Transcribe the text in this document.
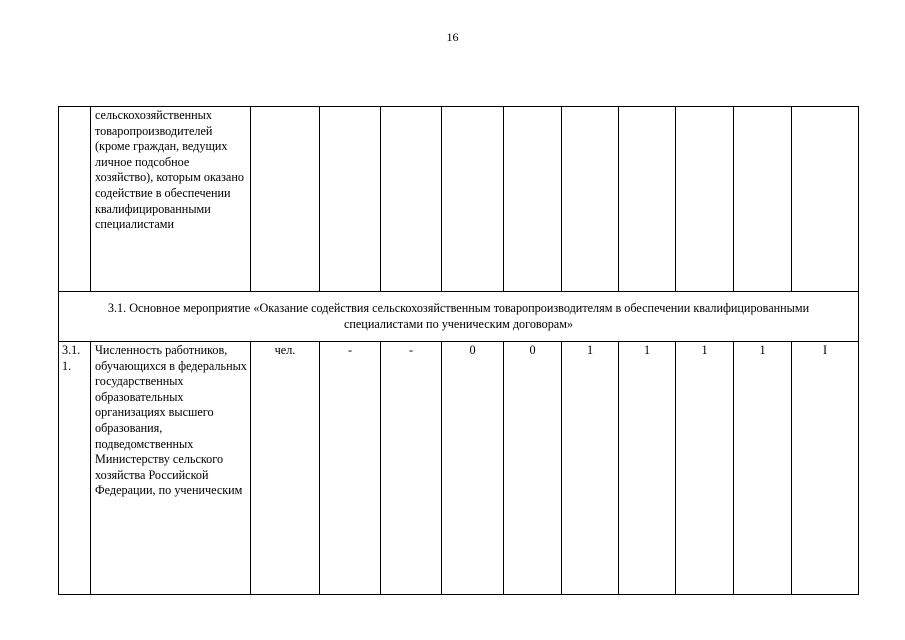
16
	сельскохозяйственных товаропроизводителей (кроме граждан, ведущих личное подсобное хозяйство), которым оказано содействие в обеспечении квалифицированными специалистами										
3.1. Основное мероприятие «Оказание содействия сельскохозяйственным товаропроизводителям в обеспечении квалифицированными специалистами по ученическим договорам»											
3.1. 1.	Численность работников, обучающихся в федеральных государственных образовательных организациях высшего образования, подведомственных Министерству сельского хозяйства Российской Федерации, по ученическим	чел.	-	-	0	0	1	1	1	1	I
